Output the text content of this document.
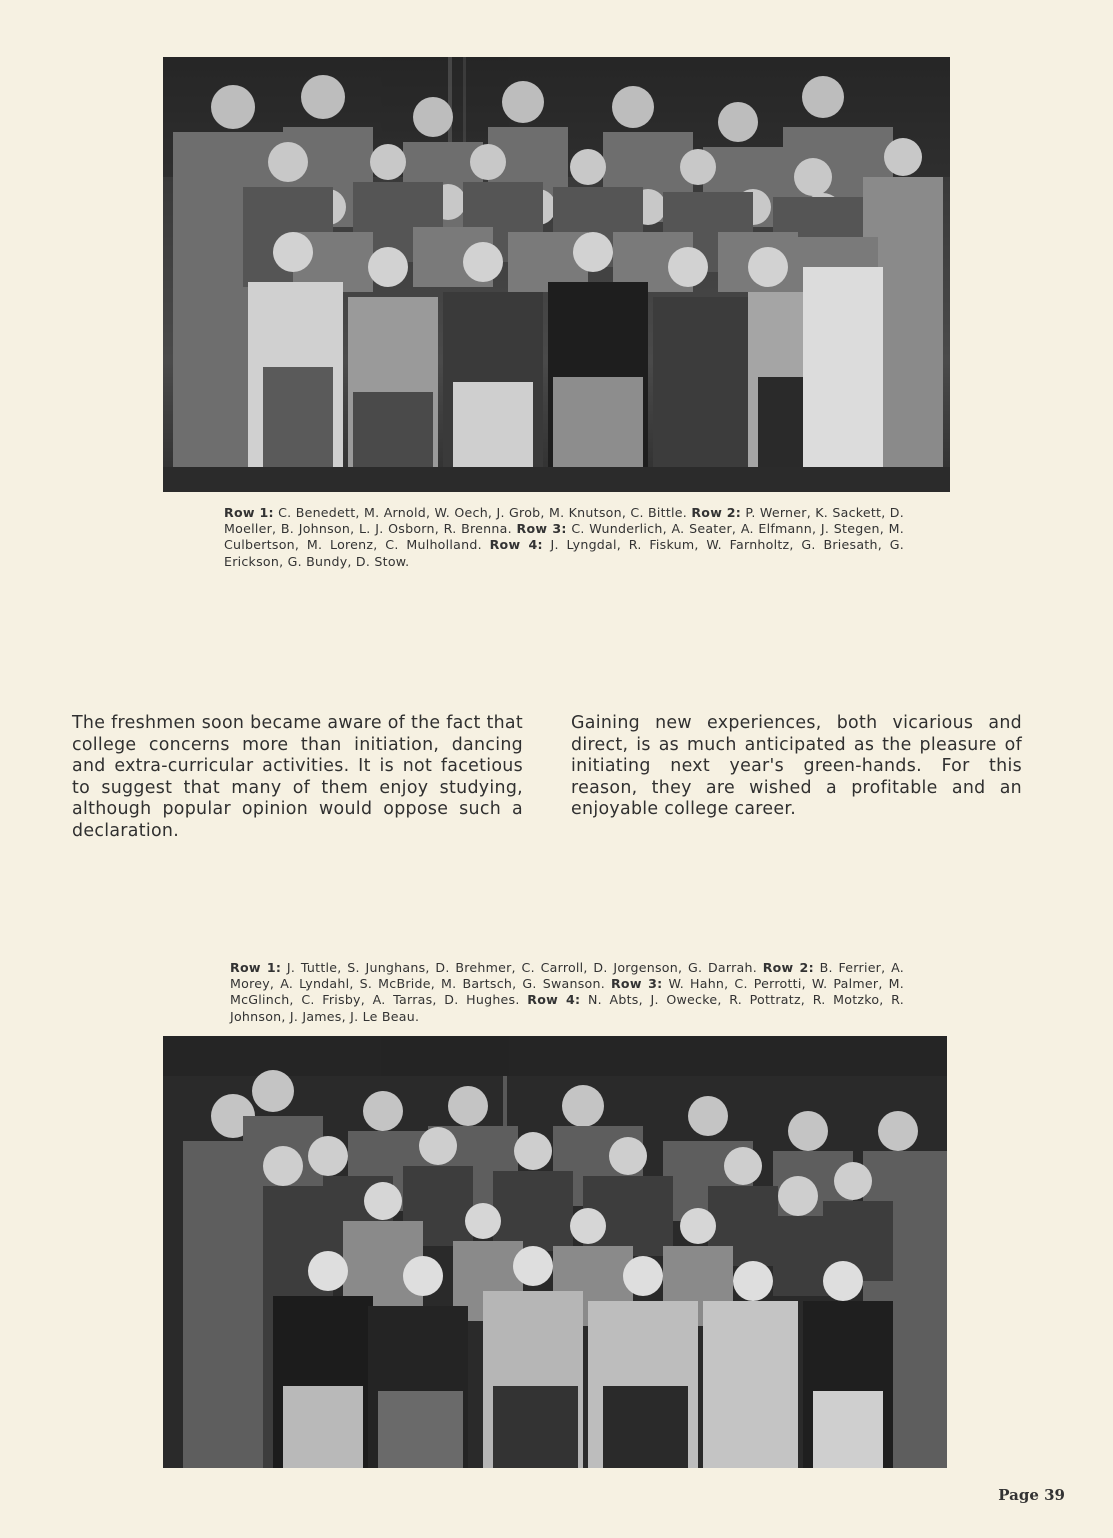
Row 1: C. Benedett, M. Arnold, W. Oech, J. Grob, M. Knutson, C. Bittle. Row 2: P. Werner, K. Sackett, D. Moeller, B. Johnson, L. J. Osborn, R. Brenna. Row 3: C. Wunderlich, A. Seater, A. Elfmann, J. Stegen, M. Culbertson, M. Lorenz, C. Mulholland. Row 4: J. Lyngdal, R. Fiskum, W. Farnholtz, G. Briesath, G. Erickson, G. Bundy, D. Stow.
The freshmen soon became aware of the fact that college concerns more than initiation, dancing and extra-curricular activities. It is not facetious to suggest that many of them enjoy studying, although popular opinion would oppose such a declaration.
Gaining new experiences, both vicarious and direct, is as much anticipated as the pleasure of initiating next year's green-hands. For this reason, they are wished a profitable and an enjoyable college career.
Row 1: J. Tuttle, S. Junghans, D. Brehmer, C. Carroll, D. Jorgenson, G. Darrah. Row 2: B. Ferrier, A. Morey, A. Lyndahl, S. McBride, M. Bartsch, G. Swanson. Row 3: W. Hahn, C. Perrotti, W. Palmer, M. McGlinch, C. Frisby, A. Tarras, D. Hughes. Row 4: N. Abts, J. Owecke, R. Pottratz, R. Motzko, R. Johnson, J. James, J. Le Beau.
Page 39
